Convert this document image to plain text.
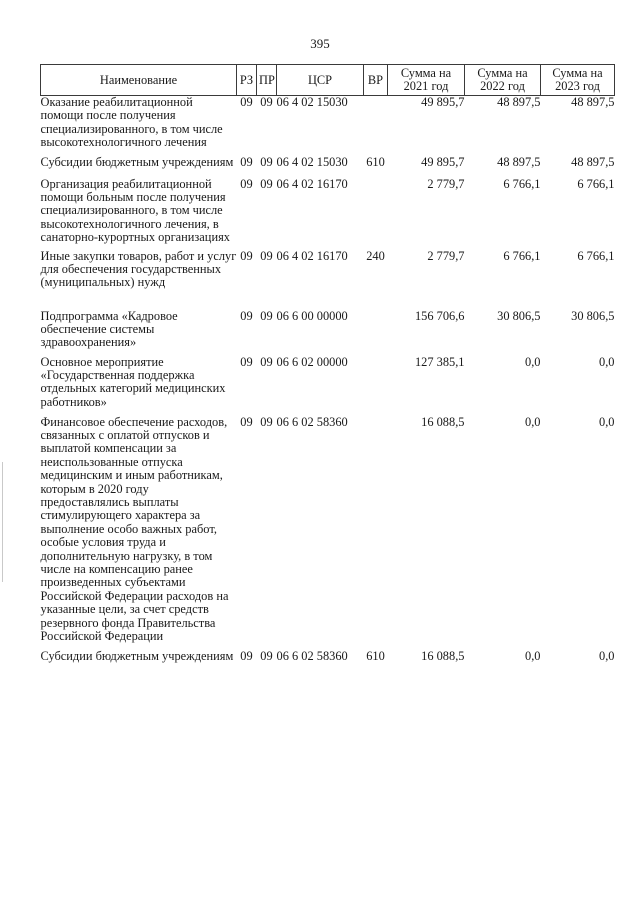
395
Наименование	РЗ	ПР	ЦСР	ВР	Сумма на 2021 год	Сумма на 2022 год	Сумма на 2023 год
Оказание реабилитационной помощи после получения специализированного, в том числе высокотехнологичного лечения	09	09	06 4 02 15030		49 895,7	48 897,5	48 897,5
Субсидии бюджетным учреждениям	09	09	06 4 02 15030	610	49 895,7	48 897,5	48 897,5
Организация реабилитационной помощи больным после получения специализированного, в том числе высокотехнологичного лечения, в санаторно-курортных организациях	09	09	06 4 02 16170		2 779,7	6 766,1	6 766,1
Иные закупки товаров, работ и услуг для обеспечения государственных (муниципальных) нужд	09	09	06 4 02 16170	240	2 779,7	6 766,1	6 766,1
Подпрограмма «Кадровое обеспечение системы здравоохранения»	09	09	06 6 00 00000		156 706,6	30 806,5	30 806,5
Основное мероприятие «Государственная поддержка отдельных категорий медицинских работников»	09	09	06 6 02 00000		127 385,1	0,0	0,0
Финансовое обеспечение расходов, связанных с оплатой отпусков и выплатой компенсации за неиспользованные отпуска медицинским и иным работникам, которым в 2020 году предоставлялись выплаты стимулирующего характера за выполнение особо важных работ, особые условия труда и дополнительную нагрузку, в том числе на компенсацию ранее произведенных субъектами Российской Федерации расходов на указанные цели, за счет средств резервного фонда Правительства Российской Федерации	09	09	06 6 02 58360		16 088,5	0,0	0,0
Субсидии бюджетным учреждениям	09	09	06 6 02 58360	610	16 088,5	0,0	0,0
